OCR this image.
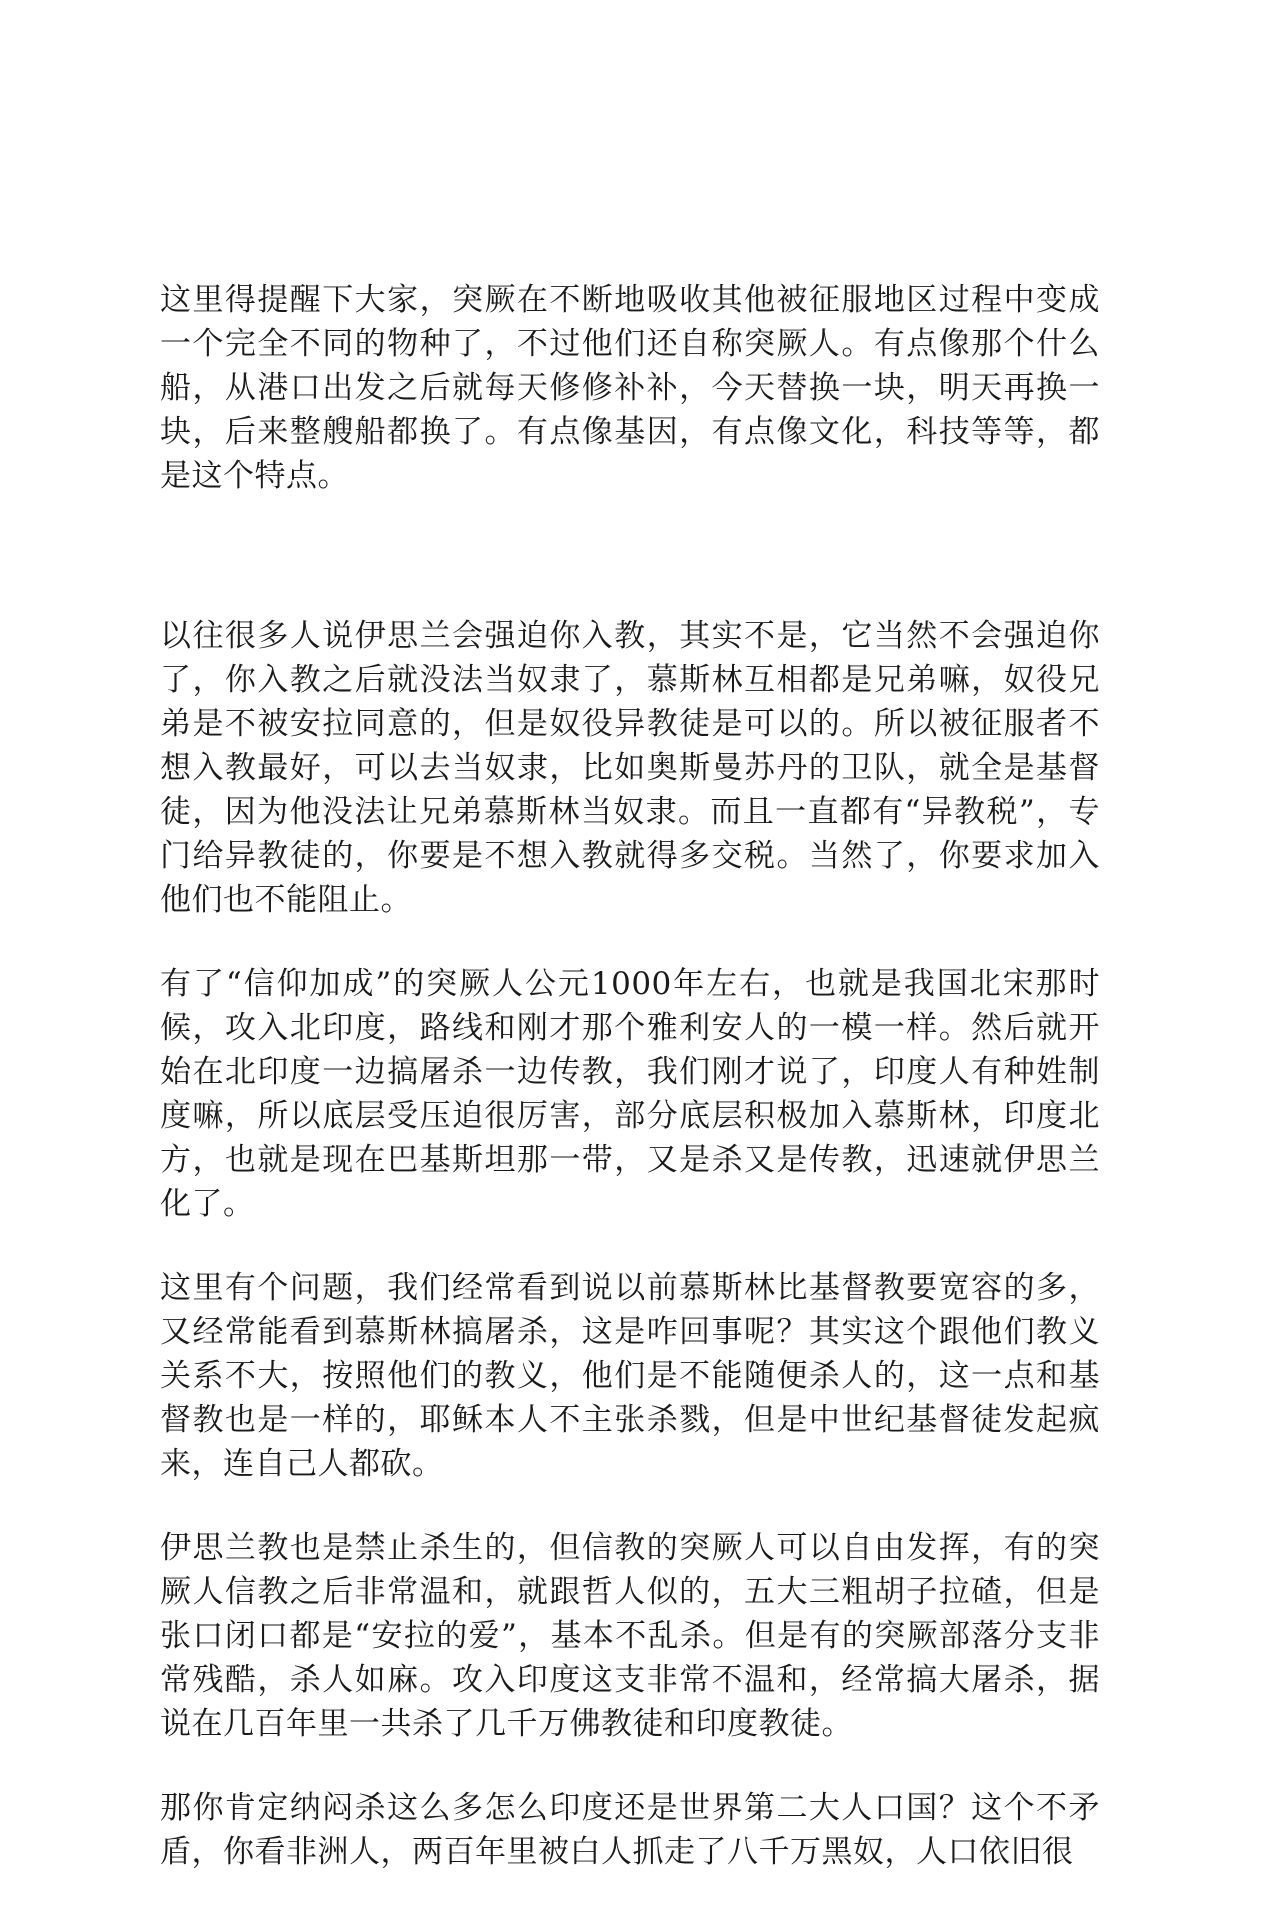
这里得提醒下大家，突厥在不断地吸收其他被征服地区过程中变成一个完全不同的物种了，不过他们还自称突厥人。有点像那个什么船，从港口出发之后就每天修修补补，今天替换一块，明天再换一块，后来整艘船都换了。有点像基因，有点像文化，科技等等，都是这个特点。

以往很多人说伊思兰会强迫你入教，其实不是，它当然不会强迫你了，你入教之后就没法当奴隶了，慕斯林互相都是兄弟嘛，奴役兄弟是不被安拉同意的，但是奴役异教徒是可以的。所以被征服者不想入教最好，可以去当奴隶，比如奥斯曼苏丹的卫队，就全是基督徒，因为他没法让兄弟慕斯林当奴隶。而且一直都有“异教税”，专门给异教徒的，你要是不想入教就得多交税。当然了，你要求加入他们也不能阻止。

有了“信仰加成”的突厥人公元1000年左右，也就是我国北宋那时候，攻入北印度，路线和刚才那个雅利安人的一模一样。然后就开始在北印度一边搞屠杀一边传教，我们刚才说了，印度人有种姓制度嘛，所以底层受压迫很厉害，部分底层积极加入慕斯林，印度北方，也就是现在巴基斯坦那一带，又是杀又是传教，迅速就伊思兰化了。

这里有个问题，我们经常看到说以前慕斯林比基督教要宽容的多，又经常能看到慕斯林搞屠杀，这是咋回事呢？其实这个跟他们教义关系不大，按照他们的教义，他们是不能随便杀人的，这一点和基督教也是一样的，耶稣本人不主张杀戮，但是中世纪基督徒发起疯来，连自己人都砍。

伊思兰教也是禁止杀生的，但信教的突厥人可以自由发挥，有的突厥人信教之后非常温和，就跟哲人似的，五大三粗胡子拉碴，但是张口闭口都是“安拉的爱”，基本不乱杀。但是有的突厥部落分支非常残酷，杀人如麻。攻入印度这支非常不温和，经常搞大屠杀，据说在几百年里一共杀了几千万佛教徒和印度教徒。

那你肯定纳闷杀这么多怎么印度还是世界第二大人口国？这个不矛盾，你看非洲人，两百年里被白人抓走了八千万黑奴，人口依旧很
